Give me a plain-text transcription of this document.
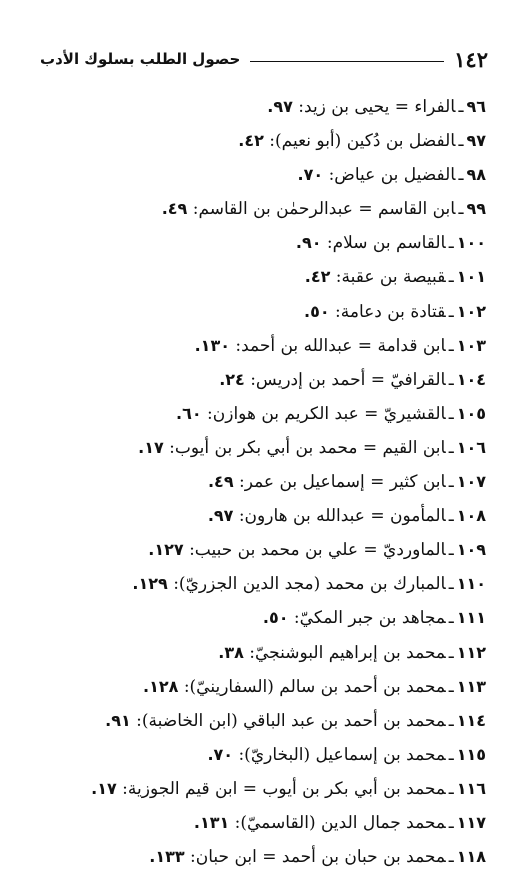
١٤٢
حصول الطلب بسلوك الأدب
٩٦ـالفراء = يحيى بن زيد: ٩٧.
٩٧ـالفضل بن دُكين (أبو نعيم): ٤٢.
٩٨ـالفضيل بن عياض: ٧٠.
٩٩ـابن القاسم = عبدالرحمٰن بن القاسم: ٤٩.
١٠٠ـالقاسم بن سلام: ٩٠.
١٠١ـقبيصة بن عقبة: ٤٢.
١٠٢ـقتادة بن دعامة: ٥٠.
١٠٣ـابن قدامة = عبدالله بن أحمد: ١٣٠.
١٠٤ـالقرافيّ = أحمد بن إدريس: ٢٤.
١٠٥ـالقشيريّ = عبد الكريم بن هوازن: ٦٠.
١٠٦ـابن القيم = محمد بن أبي بكر بن أيوب: ١٧.
١٠٧ـابن كثير = إسماعيل بن عمر: ٤٩.
١٠٨ـالمأمون = عبدالله بن هارون: ٩٧.
١٠٩ـالماورديّ = علي بن محمد بن حبيب: ١٢٧.
١١٠ـالمبارك بن محمد (مجد الدين الجزريّ): ١٢٩.
١١١ـمجاهد بن جبر المكيّ: ٥٠.
١١٢ـمحمد بن إبراهيم البوشنجيّ: ٣٨.
١١٣ـمحمد بن أحمد بن سالم (السفارينيّ): ١٢٨.
١١٤ـمحمد بن أحمد بن عبد الباقي (ابن الخاضبة): ٩١.
١١٥ـمحمد بن إسماعيل (البخاريّ): ٧٠.
١١٦ـمحمد بن أبي بكر بن أيوب = ابن قيم الجوزية: ١٧.
١١٧ـمحمد جمال الدين (القاسميّ): ١٣١.
١١٨ـمحمد بن حبان بن أحمد = ابن حبان: ١٣٣.
